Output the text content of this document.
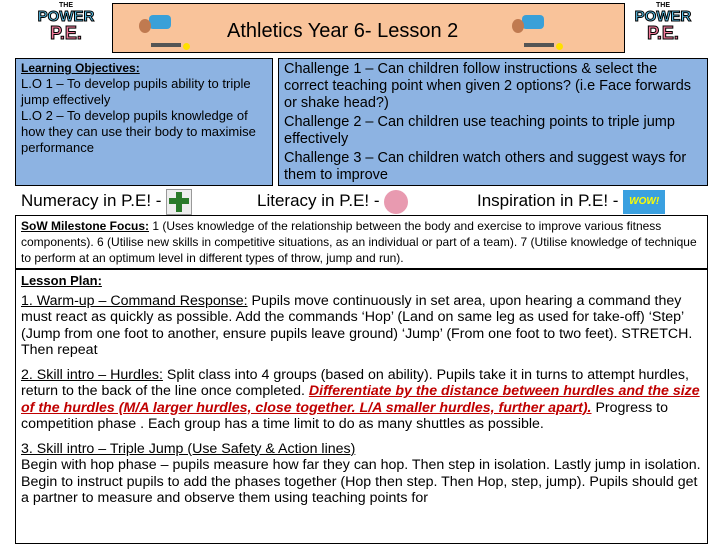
THE
POWER
P.E.
THE
POWER
P.E.
Athletics Year 6- Lesson 2
Learning Objectives:
L.O 1 – To develop pupils ability to triple jump effectively
L.O 2 – To develop pupils knowledge of how they can use their body to maximise performance

Challenge 1 – Can children follow instructions & select the correct teaching point when given 2 options? (i.e Face forwards or shake head?)

Challenge 2 – Can children use teaching points to triple jump effectively

Challenge 3 – Can children watch others and suggest ways for them to improve

Numeracy in P.E! -	Literacy in P.E! -	Inspiration in P.E! - WOW!
SoW Milestone Focus: 1 (Uses knowledge of the relationship between the body and exercise to improve various fitness components). 6 (Utilise new skills in competitive situations, as an individual or part of a team). 7 (Utilise knowledge of technique to perform at an optimum level in different types of throw, jump and run).

Lesson Plan:

1. Warm-up – Command Response: Pupils move continuously in set area, upon hearing a command they must react as quickly as possible. Add the commands ‘Hop’ (Land on same leg as used for take-off) ‘Step’ (Jump from one foot to another, ensure pupils leave ground) ‘Jump’ (From one foot to two feet). STRETCH. Then repeat

2. Skill intro – Hurdles: Split class into 4 groups (based on ability). Pupils take it in turns to attempt hurdles, return to the back of the line once completed. Differentiate by the distance between hurdles and the size of the hurdles (M/A larger hurdles, close together. L/A smaller hurdles, further apart). Progress to competition phase . Each group has a time limit to do as many shuttles as possible.

3. Skill intro – Triple Jump (Use Safety & Action lines)
Begin with hop phase – pupils measure how far they can hop. Then step in isolation. Lastly jump in isolation. Begin to instruct pupils to add the phases together (Hop then step. Then Hop, step, jump). Pupils should get a partner to measure and observe them using teaching points for
